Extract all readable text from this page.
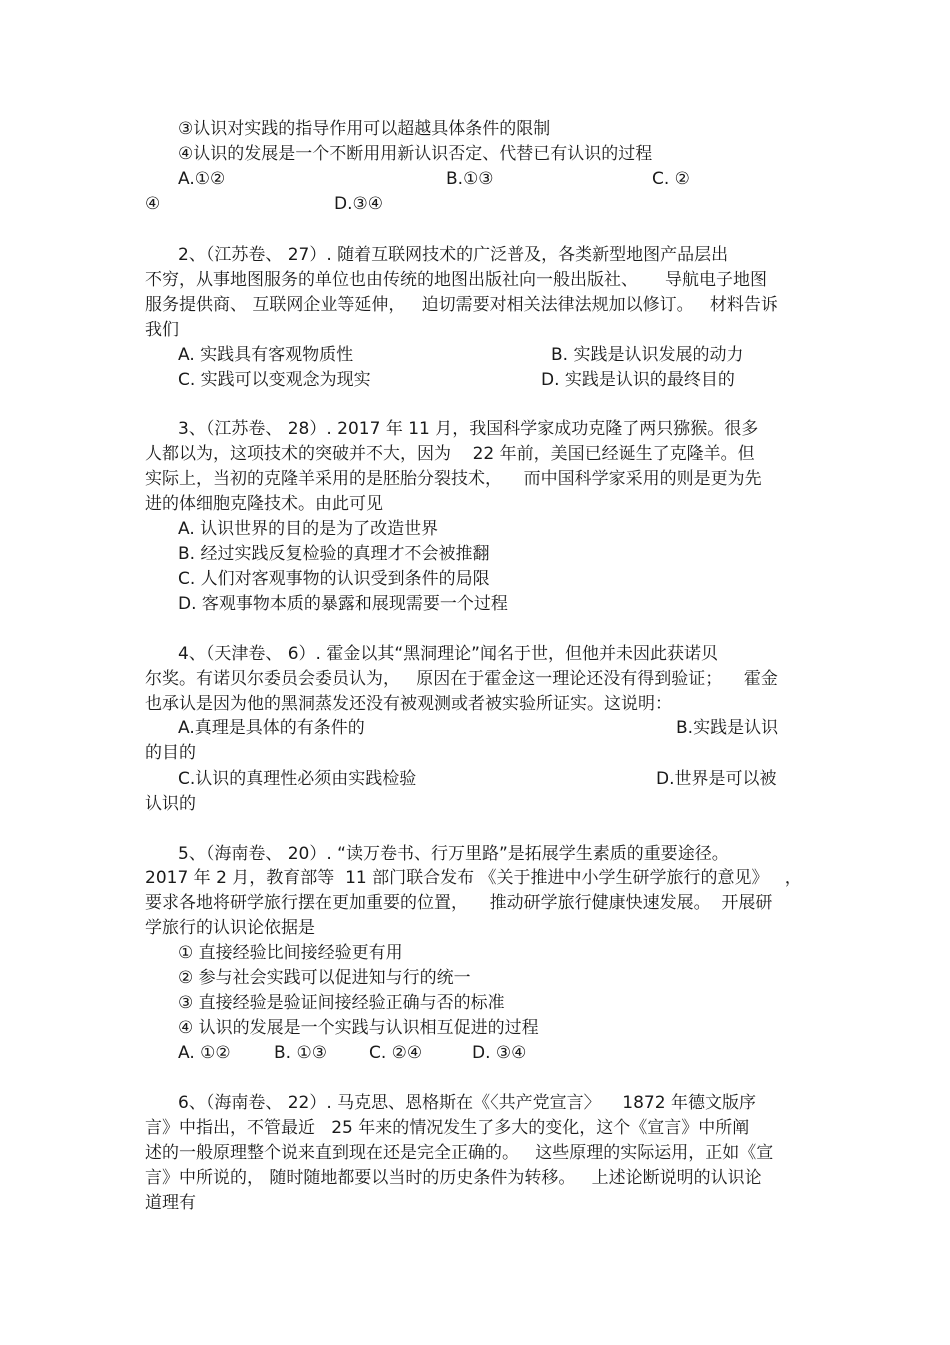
③认识对实践的指导作用可以超越具体条件的限制
④认识的发展是一个不断用用新认识否定、代替已有认识的过程
A.①②	B.①③	C. ②
④	D.③④
2、（江苏卷、 27）. 随着互联网技术的广泛普及，各类新型地图产品层出
不穷，从事地图服务的单位也由传统的地图出版社向一般出版社、     导航电子地图
服务提供商、 互联网企业等延伸，   迫切需要对相关法律法规加以修订。   材料告诉
我们
A. 实践具有客观物质性	B. 实践是认识发展的动力
C. 实践可以变观念为现实	D. 实践是认识的最终目的
3、（江苏卷、 28）. 2017 年 11 月，我国科学家成功克隆了两只猕猴。很多
人都以为，这项技术的突破并不大，因为    22 年前，美国已经诞生了克隆羊。但
实际上，当初的克隆羊采用的是胚胎分裂技术，    而中国科学家采用的则是更为先
进的体细胞克隆技术。由此可见
A. 认识世界的目的是为了改造世界
B. 经过实践反复检验的真理才不会被推翻
C. 人们对客观事物的认识受到条件的局限
D. 客观事物本质的暴露和展现需要一个过程
4、（天津卷、 6）. 霍金以其“黑洞理论”闻名于世，但他并未因此获诺贝
尔奖。有诺贝尔委员会委员认为，   原因在于霍金这一理论还没有得到验证；    霍金
也承认是因为他的黑洞蒸发还没有被观测或者被实验所证实。这说明：
A.真理是具体的有条件的	B.实践是认识
的目的
C.认识的真理性必须由实践检验	D.世界是可以被
认识的
5、（海南卷、 20）. “读万卷书、行万里路”是拓展学生素质的重要途径。
2017 年 2 月，教育部等  11 部门联合发布 《关于推进中小学生研学旅行的意见》   ，
要求各地将研学旅行摆在更加重要的位置，    推动研学旅行健康快速发展。  开展研
学旅行的认识论依据是
① 直接经验比间接经验更有用
② 参与社会实践可以促进知与行的统一
③ 直接经验是验证间接经验正确与否的标准
④ 认识的发展是一个实践与认识相互促进的过程
A. ①②	B. ①③ C. ②④	D. ③④
6、（海南卷、 22）. 马克思、恩格斯在《〈共产党宣言〉    1872 年德文版序
言》中指出，不管最近   25 年来的情况发生了多大的变化，这个《宣言》中所阐
述的一般原理整个说来直到现在还是完全正确的。   这些原理的实际运用，正如《宣
言》中所说的， 随时随地都要以当时的历史条件为转移。   上述论断说明的认识论
道理有
